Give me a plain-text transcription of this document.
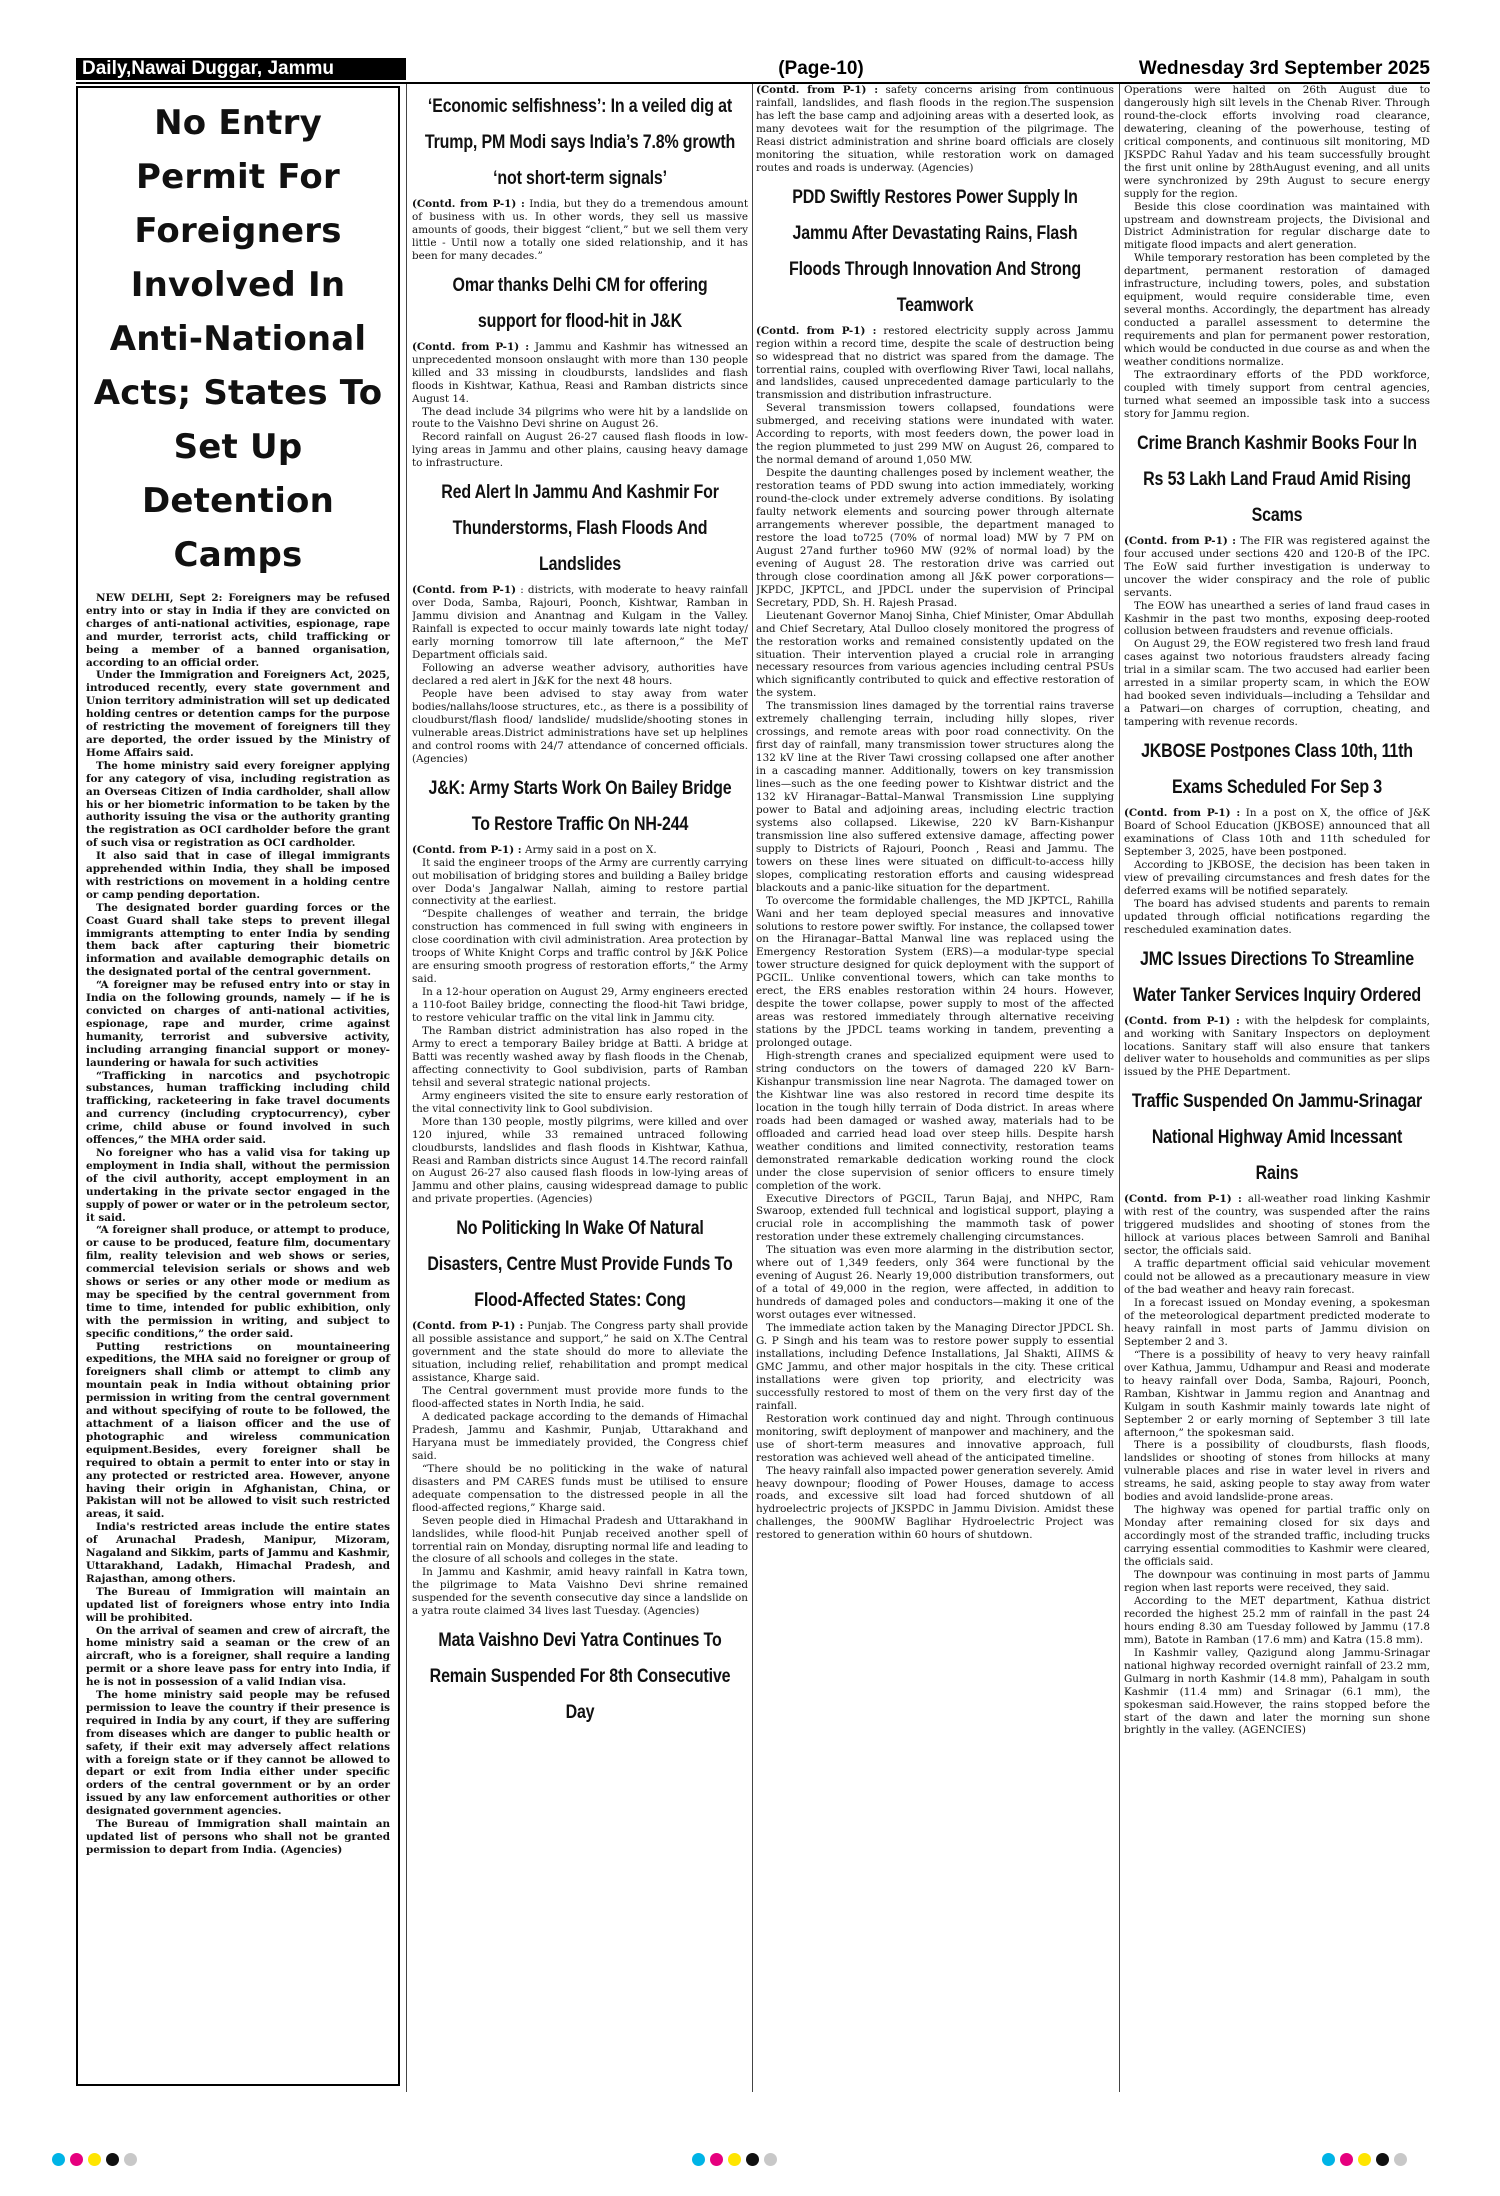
Daily,Nawai Duggar, Jammu	(Page-10)	Wednesday 3rd September 2025
No Entry Permit For Foreigners Involved In Anti-National Acts; States To Set Up Detention Camps

NEW DELHI, Sept 2: Foreigners may be refused entry into or stay in India if they are convicted on charges of anti-national activities, espionage, rape and murder, terrorist acts, child trafficking or being a member of a banned organisation, according to an official order.

Under the Immigration and Foreigners Act, 2025, introduced recently, every state government and Union territory administration will set up dedicated holding centres or detention camps for the purpose of restricting the movement of foreigners till they are deported, the order issued by the Ministry of Home Affairs said.

The home ministry said every foreigner applying for any category of visa, including registration as an Overseas Citizen of India cardholder, shall allow his or her biometric information to be taken by the authority issuing the visa or the authority granting the registration as OCI cardholder before the grant of such visa or registration as OCI cardholder.

It also said that in case of illegal immigrants apprehended within India, they shall be imposed with restrictions on movement in a holding centre or camp pending deportation.

The designated border guarding forces or the Coast Guard shall take steps to prevent illegal immigrants attempting to enter India by sending them back after capturing their biometric information and available demographic details on the designated portal of the central government.

“A foreigner may be refused entry into or stay in India on the following grounds, namely — if he is convicted on charges of anti-national activities, espionage, rape and murder, crime against humanity, terrorist and subversive activity, including arranging financial support or money-laundering or hawala for such activities

“Trafficking in narcotics and psychotropic substances, human trafficking including child trafficking, racketeering in fake travel documents and currency (including cryptocurrency), cyber crime, child abuse or found involved in such offences,” the MHA order said.

No foreigner who has a valid visa for taking up employment in India shall, without the permission of the civil authority, accept employment in an undertaking in the private sector engaged in the supply of power or water or in the petroleum sector, it said.

“A foreigner shall produce, or attempt to produce, or cause to be produced, feature film, documentary film, reality television and web shows or series, commercial television serials or shows and web shows or series or any other mode or medium as may be specified by the central government from time to time, intended for public exhibition, only with the permission in writing, and subject to specific conditions,” the order said.

Putting restrictions on mountaineering expeditions, the MHA said no foreigner or group of foreigners shall climb or attempt to climb any mountain peak in India without obtaining prior permission in writing from the central government and without specifying of route to be followed, the attachment of a liaison officer and the use of photographic and wireless communication equipment.Besides, every foreigner shall be required to obtain a permit to enter into or stay in any protected or restricted area. However, anyone having their origin in Afghanistan, China, or Pakistan will not be allowed to visit such restricted areas, it said.

India's restricted areas include the entire states of Arunachal Pradesh, Manipur, Mizoram, Nagaland and Sikkim, parts of Jammu and Kashmir, Uttarakhand, Ladakh, Himachal Pradesh, and Rajasthan, among others.

The Bureau of Immigration will maintain an updated list of foreigners whose entry into India will be prohibited.

On the arrival of seamen and crew of aircraft, the home ministry said a seaman or the crew of an aircraft, who is a foreigner, shall require a landing permit or a shore leave pass for entry into India, if he is not in possession of a valid Indian visa.

The home ministry said people may be refused permission to leave the country if their presence is required in India by any court, if they are suffering from diseases which are danger to public health or safety, if their exit may adversely affect relations with a foreign state or if they cannot be allowed to depart or exit from India either under specific orders of the central government or by an order issued by any law enforcement authorities or other designated government agencies.

The Bureau of Immigration shall maintain an updated list of persons who shall not be granted permission to depart from India. (Agencies)

‘Economic selfishness’: In a veiled dig at Trump, PM Modi says India’s 7.8% growth ‘not short-term signals’

(Contd. from P-1) : India, but they do a tremendous amount of business with us. In other words, they sell us massive amounts of goods, their biggest “client,” but we sell them very little - Until now a totally one sided relationship, and it has been for many decades.”

Omar thanks Delhi CM for offering support for flood-hit in J&K

(Contd. from P-1) : Jammu and Kashmir has witnessed an unprecedented monsoon onslaught with more than 130 people killed and 33 missing in cloudbursts, landslides and flash floods in Kishtwar, Kathua, Reasi and Ramban districts since August 14.

The dead include 34 pilgrims who were hit by a landslide on route to the Vaishno Devi shrine on August 26.

Record rainfall on August 26-27 caused flash floods in low-lying areas in Jammu and other plains, causing heavy damage to infrastructure.

Red Alert In Jammu And Kashmir For Thunderstorms, Flash Floods And Landslides

(Contd. from P-1) : districts, with moderate to heavy rainfall over Doda, Samba, Rajouri, Poonch, Kishtwar, Ramban in Jammu division and Anantnag and Kulgam in the Valley. Rainfall is expected to occur mainly towards late night today/ early morning tomorrow till late afternoon,” the MeT Department officials said.

Following an adverse weather advisory, authorities have declared a red alert in J&K for the next 48 hours.

People have been advised to stay away from water bodies/nallahs/loose structures, etc., as there is a possibility of cloudburst/flash flood/ landslide/ mudslide/shooting stones in vulnerable areas.District administrations have set up helplines and control rooms with 24/7 attendance of concerned officials. (Agencies)

J&K: Army Starts Work On Bailey Bridge To Restore Traffic On NH-244

(Contd. from P-1) : Army said in a post on X.

It said the engineer troops of the Army are currently carrying out mobilisation of bridging stores and building a Bailey bridge over Doda's Jangalwar Nallah, aiming to restore partial connectivity at the earliest.

“Despite challenges of weather and terrain, the bridge construction has commenced in full swing with engineers in close coordination with civil administration. Area protection by troops of White Knight Corps and traffic control by J&K Police are ensuring smooth progress of restoration efforts,” the Army said.

In a 12-hour operation on August 29, Army engineers erected a 110-foot Bailey bridge, connecting the flood-hit Tawi bridge, to restore vehicular traffic on the vital link in Jammu city.

The Ramban district administration has also roped in the Army to erect a temporary Bailey bridge at Batti. A bridge at Batti was recently washed away by flash floods in the Chenab, affecting connectivity to Gool subdivision, parts of Ramban tehsil and several strategic national projects.

Army engineers visited the site to ensure early restoration of the vital connectivity link to Gool subdivision.

More than 130 people, mostly pilgrims, were killed and over 120 injured, while 33 remained untraced following cloudbursts, landslides and flash floods in Kishtwar, Kathua, Reasi and Ramban districts since August 14.The record rainfall on August 26-27 also caused flash floods in low-lying areas of Jammu and other plains, causing widespread damage to public and private properties. (Agencies)

No Politicking In Wake Of Natural Disasters, Centre Must Provide Funds To Flood-Affected States: Cong

(Contd. from P-1) : Punjab. The Congress party shall provide all possible assistance and support,” he said on X.The Central government and the state should do more to alleviate the situation, including relief, rehabilitation and prompt medical assistance, Kharge said.

The Central government must provide more funds to the flood-affected states in North India, he said.

A dedicated package according to the demands of Himachal Pradesh, Jammu and Kashmir, Punjab, Uttarakhand and Haryana must be immediately provided, the Congress chief said.

“There should be no politicking in the wake of natural disasters and PM CARES funds must be utilised to ensure adequate compensation to the distressed people in all the flood-affected regions,” Kharge said.

Seven people died in Himachal Pradesh and Uttarakhand in landslides, while flood-hit Punjab received another spell of torrential rain on Monday, disrupting normal life and leading to the closure of all schools and colleges in the state.

In Jammu and Kashmir, amid heavy rainfall in Katra town, the pilgrimage to Mata Vaishno Devi shrine remained suspended for the seventh consecutive day since a landslide on a yatra route claimed 34 lives last Tuesday. (Agencies)

Mata Vaishno Devi Yatra Continues To Remain Suspended For 8th Consecutive Day

(Contd. from P-1) : safety concerns arising from continuous rainfall, landslides, and flash floods in the region.The suspension has left the base camp and adjoining areas with a deserted look, as many devotees wait for the resumption of the pilgrimage. The Reasi district administration and shrine board officials are closely monitoring the situation, while restoration work on damaged routes and roads is underway. (Agencies)

PDD Swiftly Restores Power Supply In Jammu After Devastating Rains, Flash Floods Through Innovation And Strong Teamwork

(Contd. from P-1) : restored electricity supply across Jammu region within a record time, despite the scale of destruction being so widespread that no district was spared from the damage. The torrential rains, coupled with overflowing River Tawi, local nallahs, and landslides, caused unprecedented damage particularly to the transmission and distribution infrastructure.

Several transmission towers collapsed, foundations were submerged, and receiving stations were inundated with water. According to reports, with most feeders down, the power load in the region plummeted to just 299 MW on August 26, compared to the normal demand of around 1,050 MW.

Despite the daunting challenges posed by inclement weather, the restoration teams of PDD swung into action immediately, working round-the-clock under extremely adverse conditions. By isolating faulty network elements and sourcing power through alternate arrangements wherever possible, the department managed to restore the load to725 (70% of normal load) MW by 7 PM on August 27and further to960 MW (92% of normal load) by the evening of August 28. The restoration drive was carried out through close coordination among all J&K power corporations—JKPDC, JKPTCL, and JPDCL under the supervision of Principal Secretary, PDD, Sh. H. Rajesh Prasad.

Lieutenant Governor Manoj Sinha, Chief Minister, Omar Abdullah and Chief Secretary, Atal Dulloo closely monitored the progress of the restoration works and remained consistently updated on the situation. Their intervention played a crucial role in arranging necessary resources from various agencies including central PSUs which significantly contributed to quick and effective restoration of the system.

The transmission lines damaged by the torrential rains traverse extremely challenging terrain, including hilly slopes, river crossings, and remote areas with poor road connectivity. On the first day of rainfall, many transmission tower structures along the 132 kV line at the River Tawi crossing collapsed one after another in a cascading manner. Additionally, towers on key transmission lines—such as the one feeding power to Kishtwar district and the 132 kV Hiranagar–Battal–Manwal Transmission Line supplying power to Batal and adjoining areas, including electric traction systems also collapsed. Likewise, 220 kV Barn-Kishanpur transmission line also suffered extensive damage, affecting power supply to Districts of Rajouri, Poonch , Reasi and Jammu. The towers on these lines were situated on difficult-to-access hilly slopes, complicating restoration efforts and causing widespread blackouts and a panic-like situation for the department.

To overcome the formidable challenges, the MD JKPTCL, Rahilla Wani and her team deployed special measures and innovative solutions to restore power swiftly. For instance, the collapsed tower on the Hiranagar–Battal Manwal line was replaced using the Emergency Restoration System (ERS)—a modular-type special tower structure designed for quick deployment with the support of PGCIL. Unlike conventional towers, which can take months to erect, the ERS enables restoration within 24 hours. However, despite the tower collapse, power supply to most of the affected areas was restored immediately through alternative receiving stations by the JPDCL teams working in tandem, preventing a prolonged outage.

High-strength cranes and specialized equipment were used to string conductors on the towers of damaged 220 kV Barn-Kishanpur transmission line near Nagrota. The damaged tower on the Kishtwar line was also restored in record time despite its location in the tough hilly terrain of Doda district. In areas where roads had been damaged or washed away, materials had to be offloaded and carried head load over steep hills. Despite harsh weather conditions and limited connectivity, restoration teams demonstrated remarkable dedication working round the clock under the close supervision of senior officers to ensure timely completion of the work.

Executive Directors of PGCIL, Tarun Bajaj, and NHPC, Ram Swaroop, extended full technical and logistical support, playing a crucial role in accomplishing the mammoth task of power restoration under these extremely challenging circumstances.

The situation was even more alarming in the distribution sector, where out of 1,349 feeders, only 364 were functional by the evening of August 26. Nearly 19,000 distribution transformers, out of a total of 49,000 in the region, were affected, in addition to hundreds of damaged poles and conductors—making it one of the worst outages ever witnessed.

The immediate action taken by the Managing Director JPDCL Sh. G. P Singh and his team was to restore power supply to essential installations, including Defence Installations, Jal Shakti, AIIMS & GMC Jammu, and other major hospitals in the city. These critical installations were given top priority, and electricity was successfully restored to most of them on the very first day of the rainfall.

Restoration work continued day and night. Through continuous monitoring, swift deployment of manpower and machinery, and the use of short-term measures and innovative approach, full restoration was achieved well ahead of the anticipated timeline.

The heavy rainfall also impacted power generation severely. Amid heavy downpour; flooding of Power Houses, damage to access roads, and excessive silt load had forced shutdown of all hydroelectric projects of JKSPDC in Jammu Division. Amidst these challenges, the 900MW Baglihar Hydroelectric Project was restored to generation within 60 hours of shutdown.

Operations were halted on 26th August due to dangerously high silt levels in the Chenab River. Through round-the-clock efforts involving road clearance, dewatering, cleaning of the powerhouse, testing of critical components, and continuous silt monitoring, MD JKSPDC Rahul Yadav and his team successfully brought the first unit online by 28thAugust evening, and all units were synchronized by 29th August to secure energy supply for the region.

Beside this close coordination was maintained with upstream and downstream projects, the Divisional and District Administration for regular discharge date to mitigate flood impacts and alert generation.

While temporary restoration has been completed by the department, permanent restoration of damaged infrastructure, including towers, poles, and substation equipment, would require considerable time, even several months. Accordingly, the department has already conducted a parallel assessment to determine the requirements and plan for permanent power restoration, which would be conducted in due course as and when the weather conditions normalize.

The extraordinary efforts of the PDD workforce, coupled with timely support from central agencies, turned what seemed an impossible task into a success story for Jammu region.

Crime Branch Kashmir Books Four In Rs 53 Lakh Land Fraud Amid Rising Scams

(Contd. from P-1) : The FIR was registered against the four accused under sections 420 and 120-B of the IPC. The EoW said further investigation is underway to uncover the wider conspiracy and the role of public servants.

The EOW has unearthed a series of land fraud cases in Kashmir in the past two months, exposing deep-rooted collusion between fraudsters and revenue officials.

On August 29, the EOW registered two fresh land fraud cases against two notorious fraudsters already facing trial in a similar scam. The two accused had earlier been arrested in a similar property scam, in which the EOW had booked seven individuals—including a Tehsildar and a Patwari—on charges of corruption, cheating, and tampering with revenue records.

JKBOSE Postpones Class 10th, 11th Exams Scheduled For Sep 3

(Contd. from P-1) : In a post on X, the office of J&K Board of School Education (JKBOSE) announced that all examinations of Class 10th and 11th scheduled for September 3, 2025, have been postponed.

According to JKBOSE, the decision has been taken in view of prevailing circumstances and fresh dates for the deferred exams will be notified separately.

The board has advised students and parents to remain updated through official notifications regarding the rescheduled examination dates.

JMC Issues Directions To Streamline Water Tanker Services Inquiry Ordered

(Contd. from P-1) : with the helpdesk for complaints, and working with Sanitary Inspectors on deployment locations. Sanitary staff will also ensure that tankers deliver water to households and communities as per slips issued by the PHE Department.

Traffic Suspended On Jammu-Srinagar National Highway Amid Incessant Rains

(Contd. from P-1) : all-weather road linking Kashmir with rest of the country, was suspended after the rains triggered mudslides and shooting of stones from the hillock at various places between Samroli and Banihal sector, the officials said.

A traffic department official said vehicular movement could not be allowed as a precautionary measure in view of the bad weather and heavy rain forecast.

In a forecast issued on Monday evening, a spokesman of the meteorological department predicted moderate to heavy rainfall in most parts of Jammu division on September 2 and 3.

“There is a possibility of heavy to very heavy rainfall over Kathua, Jammu, Udhampur and Reasi and moderate to heavy rainfall over Doda, Samba, Rajouri, Poonch, Ramban, Kishtwar in Jammu region and Anantnag and Kulgam in south Kashmir mainly towards late night of September 2 or early morning of September 3 till late afternoon,” the spokesman said.

There is a possibility of cloudbursts, flash floods, landslides or shooting of stones from hillocks at many vulnerable places and rise in water level in rivers and streams, he said, asking people to stay away from water bodies and avoid landslide-prone areas.

The highway was opened for partial traffic only on Monday after remaining closed for six days and accordingly most of the stranded traffic, including trucks carrying essential commodities to Kashmir were cleared, the officials said.

The downpour was continuing in most parts of Jammu region when last reports were received, they said.

According to the MET department, Kathua district recorded the highest 25.2 mm of rainfall in the past 24 hours ending 8.30 am Tuesday followed by Jammu (17.8 mm), Batote in Ramban (17.6 mm) and Katra (15.8 mm).

In Kashmir valley, Qazigund along Jammu-Srinagar national highway recorded overnight rainfall of 23.2 mm, Gulmarg in north Kashmir (14.8 mm), Pahalgam in south Kashmir (11.4 mm) and Srinagar (6.1 mm), the spokesman said.However, the rains stopped before the start of the dawn and later the morning sun shone brightly in the valley. (AGENCIES)
